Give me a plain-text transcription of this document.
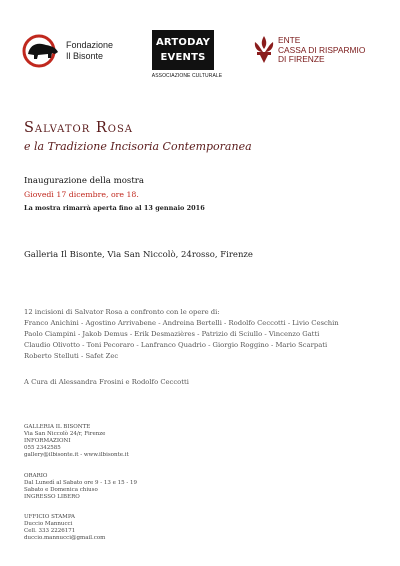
Fondazione
Il Bisonte
ARTODAY
EVENTS
ASSOCIAZIONE CULTURALE
ENTE
CASSA DI RISPARMIO
DI FIRENZE
Salvator Rosa
e la Tradizione Incisoria Contemporanea
Inaugurazione della mostra
Giovedì 17 dicembre, ore 18.
La mostra rimarrà aperta fino al 13 gennaio 2016
Galleria Il Bisonte, Via San Niccolò, 24rosso, Firenze
12 incisioni di Salvator Rosa a confronto con le opere di:
Franco Anichini - Agostino Arrivabene - Andreina Bertelli - Rodolfo Ceccotti - Livio Ceschin
Paolo Ciampini - Jakob Demus - Erik Desmazières - Patrizio di Sciullo - Vincenzo Gatti
Claudio Olivotto - Toni Pecoraro - Lanfranco Quadrio - Giorgio Roggino - Mario Scarpati
Roberto Stelluti - Safet Zec
A Cura di Alessandra Frosini e Rodolfo Ceccotti
GALLERIA IL BISONTE
Via San Niccolò 24/r, Firenze
INFORMAZIONI
055 2342585
gallery@ilbisonte.it - www.ilbisonte.it
ORARIO
Dal Lunedì al Sabato ore 9 - 13 e 15 - 19
Sabato e Domenica chiuso
INGRESSO LIBERO
UFFICIO STAMPA
Duccio Mannucci
Cell. 333 2226171
duccio.mannucci@gmail.com
